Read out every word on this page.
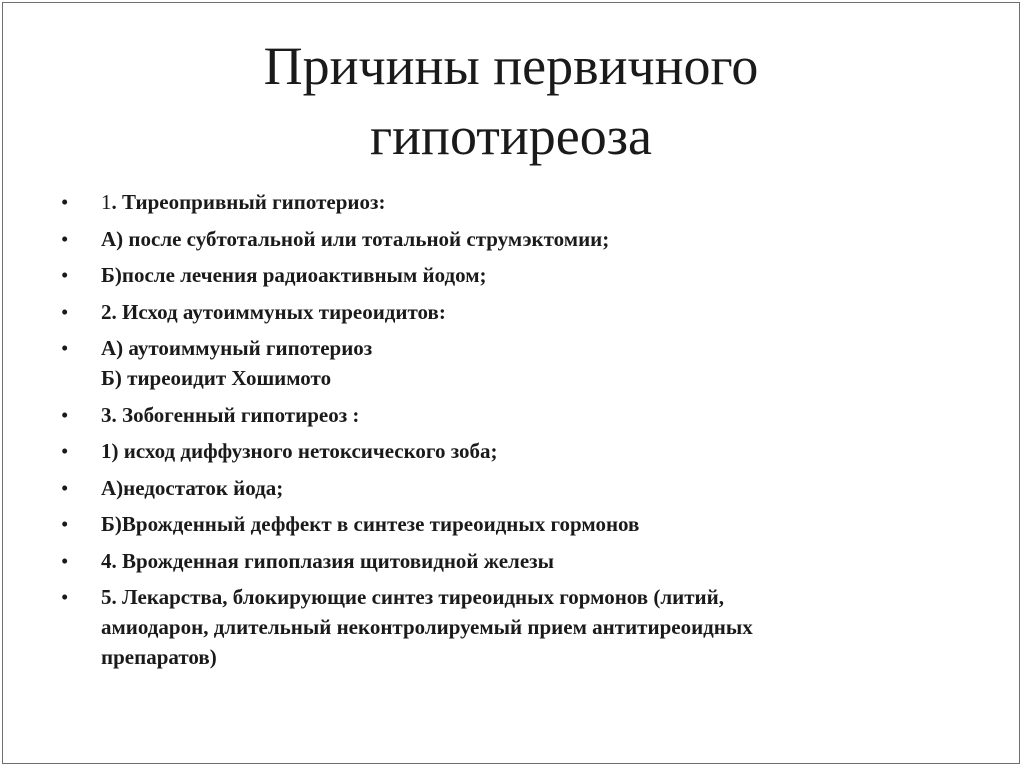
Причины первичного
гипотиреоза
• 1. Тиреопривный гипотериоз:
• А) после субтотальной или тотальной струмэктомии;
• Б)после лечения радиоактивным йодом;
• 2. Исход аутоиммуных тиреоидитов:
• А) аутоиммуный гипотериоз
Б) тиреоидит Хошимото
• 3. Зобогенный гипотиреоз :
• 1) исход диффузного нетоксического зоба;
• А)недостаток йода;
• Б)Врожденный деффект в синтезе тиреоидных гормонов
• 4. Врожденная гипоплазия щитовидной железы
• 5. Лекарства, блокирующие синтез тиреоидных гормонов (литий,
амиодарон, длительный неконтролируемый прием антитиреоидных
препаратов)
